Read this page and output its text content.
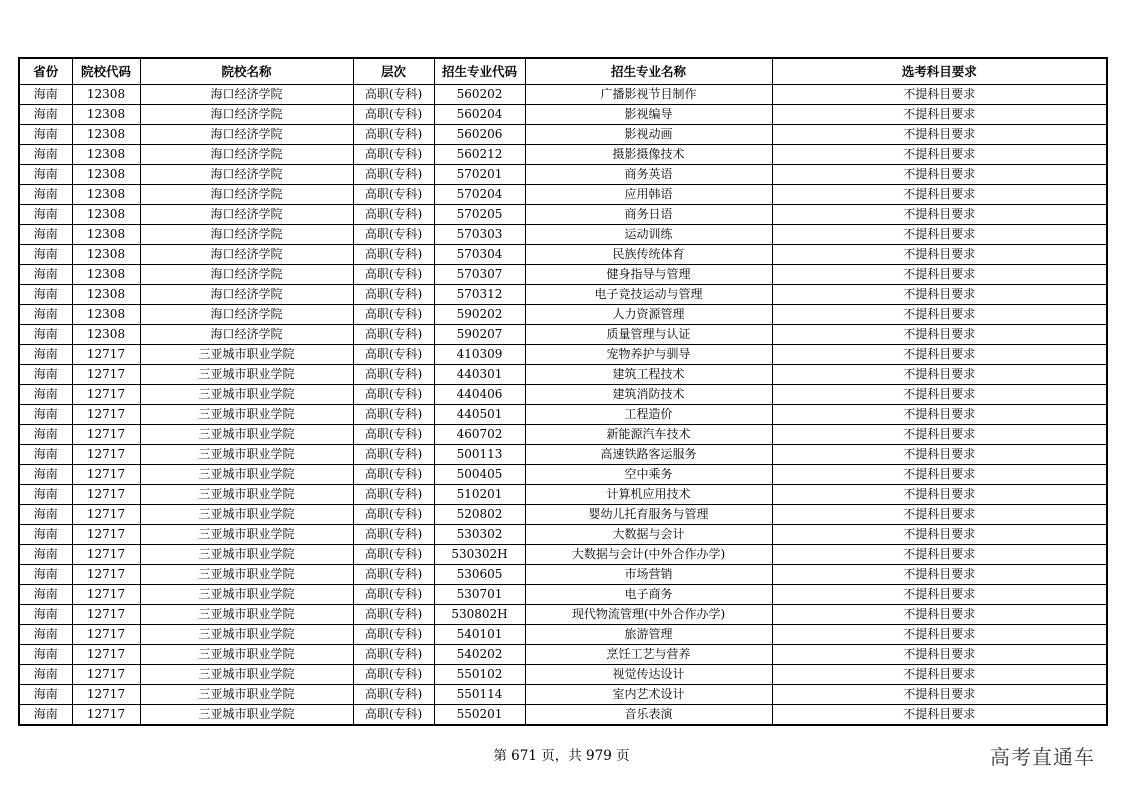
省份	院校代码	院校名称	层次	招生专业代码	招生专业名称	选考科目要求
海南	12308	海口经济学院	高职(专科)	560202	广播影视节目制作	不提科目要求
海南	12308	海口经济学院	高职(专科)	560204	影视编导	不提科目要求
海南	12308	海口经济学院	高职(专科)	560206	影视动画	不提科目要求
海南	12308	海口经济学院	高职(专科)	560212	摄影摄像技术	不提科目要求
海南	12308	海口经济学院	高职(专科)	570201	商务英语	不提科目要求
海南	12308	海口经济学院	高职(专科)	570204	应用韩语	不提科目要求
海南	12308	海口经济学院	高职(专科)	570205	商务日语	不提科目要求
海南	12308	海口经济学院	高职(专科)	570303	运动训练	不提科目要求
海南	12308	海口经济学院	高职(专科)	570304	民族传统体育	不提科目要求
海南	12308	海口经济学院	高职(专科)	570307	健身指导与管理	不提科目要求
海南	12308	海口经济学院	高职(专科)	570312	电子竞技运动与管理	不提科目要求
海南	12308	海口经济学院	高职(专科)	590202	人力资源管理	不提科目要求
海南	12308	海口经济学院	高职(专科)	590207	质量管理与认证	不提科目要求
海南	12717	三亚城市职业学院	高职(专科)	410309	宠物养护与驯导	不提科目要求
海南	12717	三亚城市职业学院	高职(专科)	440301	建筑工程技术	不提科目要求
海南	12717	三亚城市职业学院	高职(专科)	440406	建筑消防技术	不提科目要求
海南	12717	三亚城市职业学院	高职(专科)	440501	工程造价	不提科目要求
海南	12717	三亚城市职业学院	高职(专科)	460702	新能源汽车技术	不提科目要求
海南	12717	三亚城市职业学院	高职(专科)	500113	高速铁路客运服务	不提科目要求
海南	12717	三亚城市职业学院	高职(专科)	500405	空中乘务	不提科目要求
海南	12717	三亚城市职业学院	高职(专科)	510201	计算机应用技术	不提科目要求
海南	12717	三亚城市职业学院	高职(专科)	520802	婴幼儿托育服务与管理	不提科目要求
海南	12717	三亚城市职业学院	高职(专科)	530302	大数据与会计	不提科目要求
海南	12717	三亚城市职业学院	高职(专科)	530302H	大数据与会计(中外合作办学)	不提科目要求
海南	12717	三亚城市职业学院	高职(专科)	530605	市场营销	不提科目要求
海南	12717	三亚城市职业学院	高职(专科)	530701	电子商务	不提科目要求
海南	12717	三亚城市职业学院	高职(专科)	530802H	现代物流管理(中外合作办学)	不提科目要求
海南	12717	三亚城市职业学院	高职(专科)	540101	旅游管理	不提科目要求
海南	12717	三亚城市职业学院	高职(专科)	540202	烹饪工艺与营养	不提科目要求
海南	12717	三亚城市职业学院	高职(专科)	550102	视觉传达设计	不提科目要求
海南	12717	三亚城市职业学院	高职(专科)	550114	室内艺术设计	不提科目要求
海南	12717	三亚城市职业学院	高职(专科)	550201	音乐表演	不提科目要求
第 671 页，共 979 页	高考直通车
